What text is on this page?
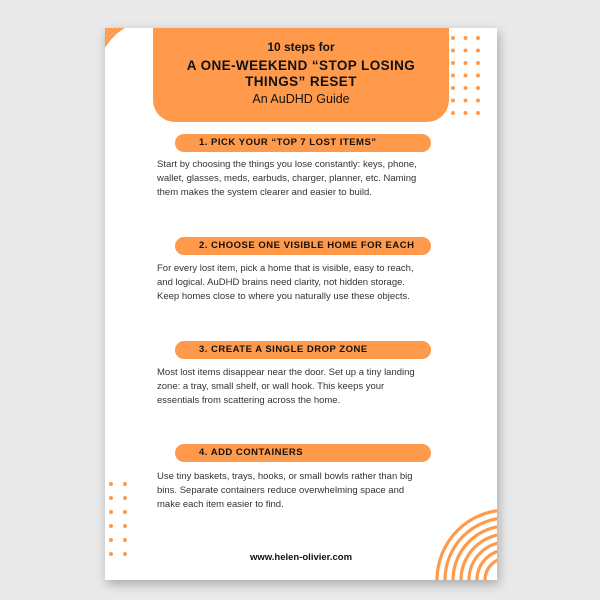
10 steps for
A ONE-WEEKEND “STOP LOSING
THINGS” RESET
An AuDHD Guide
1. PICK YOUR “TOP 7 LOST ITEMS”
Start by choosing the things you lose constantly: keys, phone,
wallet, glasses, meds, earbuds, charger, planner, etc. Naming
them makes the system clearer and easier to build.
2. CHOOSE ONE VISIBLE HOME FOR EACH
For every lost item, pick a home that is visible, easy to reach,
and logical. AuDHD brains need clarity, not hidden storage.
Keep homes close to where you naturally use these objects.
3. CREATE A SINGLE DROP ZONE
Most lost items disappear near the door. Set up a tiny landing
zone: a tray, small shelf, or wall hook. This keeps your
essentials from scattering across the home.
4. ADD CONTAINERS
Use tiny baskets, trays, hooks, or small bowls rather than big
bins. Separate containers reduce overwhelming space and
make each item easier to find.
www.helen-olivier.com
